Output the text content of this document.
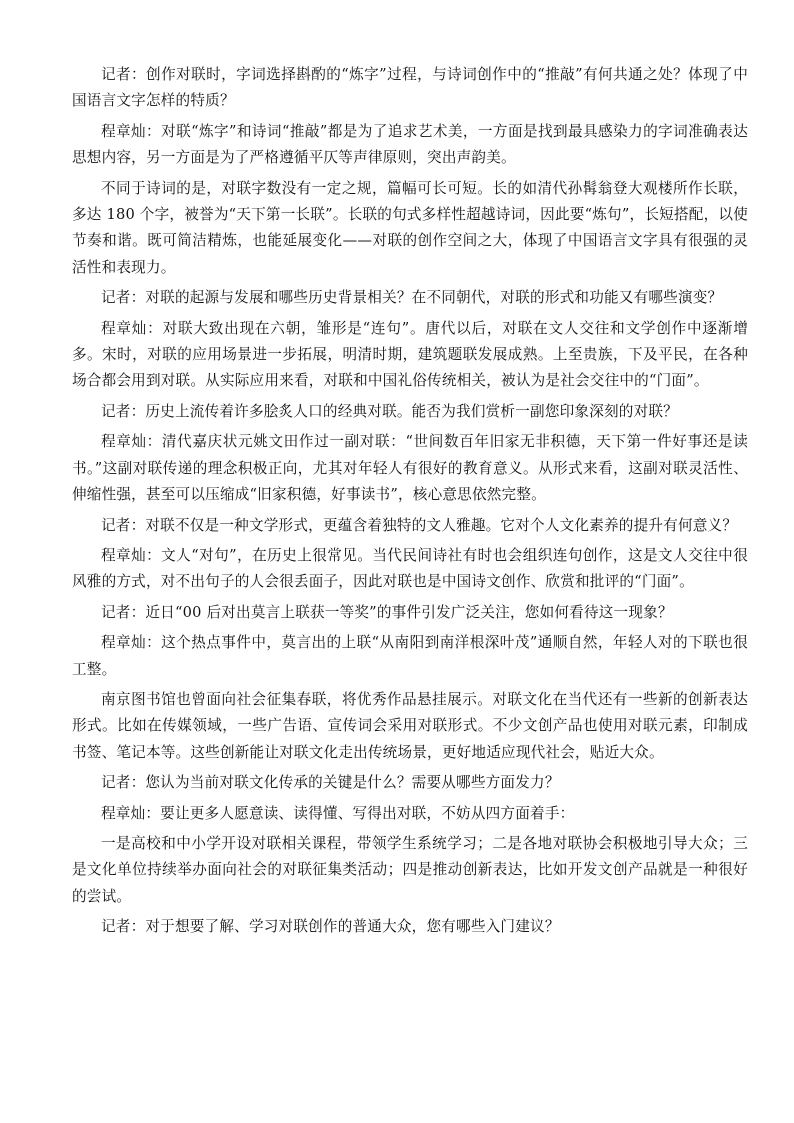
记者：创作对联时，字词选择斟酌的“炼字”过程，与诗词创作中的“推敲”有何共通之处？体现了中国语言文字怎样的特质？

程章灿：对联“炼字”和诗词“推敲”都是为了追求艺术美，一方面是找到最具感染力的字词准确表达思想内容，另一方面是为了严格遵循平仄等声律原则，突出声韵美。

不同于诗词的是，对联字数没有一定之规，篇幅可长可短。长的如清代孙髯翁登大观楼所作长联，多达 180 个字，被誉为“天下第一长联”。长联的句式多样性超越诗词，因此要“炼句”，长短搭配，以使节奏和谐。既可简洁精炼，也能延展变化——对联的创作空间之大，体现了中国语言文字具有很强的灵活性和表现力。

记者：对联的起源与发展和哪些历史背景相关？在不同朝代，对联的形式和功能又有哪些演变？

程章灿：对联大致出现在六朝，雏形是“连句”。唐代以后，对联在文人交往和文学创作中逐渐增多。宋时，对联的应用场景进一步拓展，明清时期，建筑题联发展成熟。上至贵族，下及平民，在各种场合都会用到对联。从实际应用来看，对联和中国礼俗传统相关，被认为是社会交往中的“门面”。

记者：历史上流传着许多脍炙人口的经典对联。能否为我们赏析一副您印象深刻的对联？

程章灿：清代嘉庆状元姚文田作过一副对联：“世间数百年旧家无非积德，天下第一件好事还是读书。”这副对联传递的理念积极正向，尤其对年轻人有很好的教育意义。从形式来看，这副对联灵活性、伸缩性强，甚至可以压缩成“旧家积德，好事读书”，核心意思依然完整。

记者：对联不仅是一种文学形式，更蕴含着独特的文人雅趣。它对个人文化素养的提升有何意义？

程章灿：文人“对句”，在历史上很常见。当代民间诗社有时也会组织连句创作，这是文人交往中很风雅的方式，对不出句子的人会很丢面子，因此对联也是中国诗文创作、欣赏和批评的“门面”。

记者：近日“00 后对出莫言上联获一等奖”的事件引发广泛关注，您如何看待这一现象？

程章灿：这个热点事件中，莫言出的上联“从南阳到南洋根深叶茂”通顺自然，年轻人对的下联也很工整。

南京图书馆也曾面向社会征集春联，将优秀作品悬挂展示。对联文化在当代还有一些新的创新表达形式。比如在传媒领域，一些广告语、宣传词会采用对联形式。不少文创产品也使用对联元素，印制成书签、笔记本等。这些创新能让对联文化走出传统场景，更好地适应现代社会，贴近大众。

记者：您认为当前对联文化传承的关键是什么？需要从哪些方面发力？

程章灿：要让更多人愿意读、读得懂、写得出对联，不妨从四方面着手：

一是高校和中小学开设对联相关课程，带领学生系统学习；二是各地对联协会积极地引导大众；三是文化单位持续举办面向社会的对联征集类活动；四是推动创新表达，比如开发文创产品就是一种很好的尝试。

记者：对于想要了解、学习对联创作的普通大众，您有哪些入门建议？
